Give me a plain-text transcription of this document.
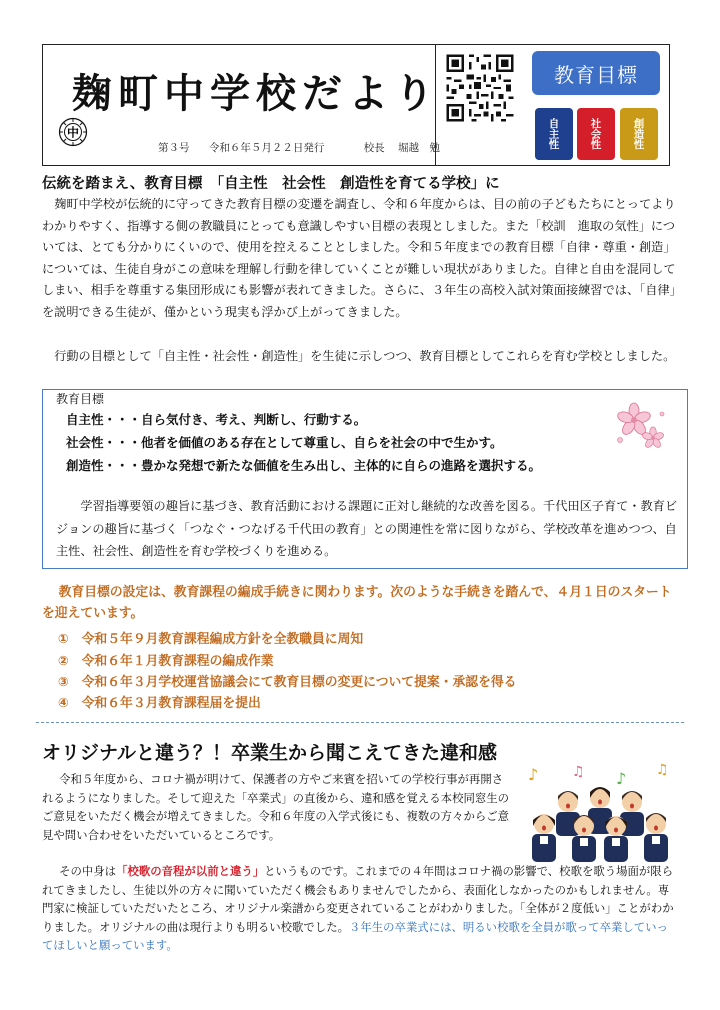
麹町中学校だより
中
第３号 令和６年５月２２日発行	校長 堀越　勉
教育目標
自主性	社会性	創造性
伝統を踏まえ、教育目標　「自主性　社会性　創造性を育てる学校」に
麹町中学校が伝統的に守ってきた教育目標の変遷を調査し、令和６年度からは、目の前の子どもたちにとってよりわかりやすく、指導する側の教職員にとっても意識しやすい目標の表現としました。また「校訓　進取の気性」については、とても分かりにくいので、使用を控えることとしました。令和５年度までの教育目標「自律・尊重・創造」については、生徒自身がこの意味を理解し行動を律していくことが難しい現状がありました。自律と自由を混同してしまい、相手を尊重する集団形成にも影響が表れてきました。さらに、３年生の高校入試対策面接練習では、「自律」を説明できる生徒が、僅かという現実も浮かび上がってきました。
行動の目標として「自主性・社会性・創造性」を生徒に示しつつ、教育目標としてこれらを育む学校としました。
教育目標
自主性・・・自ら気付き、考え、判断し、行動する。
社会性・・・他者を価値のある存在として尊重し、自らを社会の中で生かす。
創造性・・・豊かな発想で新たな価値を生み出し、主体的に自らの進路を選択する。
学習指導要領の趣旨に基づき、教育活動における課題に正対し継続的な改善を図る。千代田区子育て・教育ビジョンの趣旨に基づく「つなぐ・つなげる千代田の教育」との関連性を常に図りながら、学校改革を進めつつ、自主性、社会性、創造性を育む学校づくりを進める。
教育目標の設定は、教育課程の編成手続きに関わります。次のような手続きを踏んで、４月１日のスタートを迎えています。
①　令和５年９月教育課程編成方針を全教職員に周知
②　令和６年１月教育課程の編成作業
③　令和６年３月学校運営協議会にて教育目標の変更について提案・承認を得る
④　令和６年３月教育課程届を提出
オリジナルと違う？！卒業生から聞こえてきた違和感
令和５年度から、コロナ禍が明けて、保護者の方やご来賓を招いての学校行事が再開されるようになりました。そして迎えた「卒業式」の直後から、違和感を覚える本校同窓生のご意見をいただく機会が増えてきました。令和６年度の入学式後にも、複数の方々からご意見や問い合わせをいただいているところです。
その中身は「校歌の音程が以前と違う」というものです。これまでの４年間はコロナ禍の影響で、校歌を歌う場面が限られてきましたし、生徒以外の方々に聞いていただく機会もありませんでしたから、表面化しなかったのかもしれません。専門家に検証していただいたところ、オリジナル楽譜から変更されていることがわかりました。「全体が２度低い」ことがわかりました。オリジナルの曲は現行よりも明るい校歌でした。３年生の卒業式には、明るい校歌を全員が歌って卒業していってほしいと願っています。
♪ ♫ ♪ ♫
